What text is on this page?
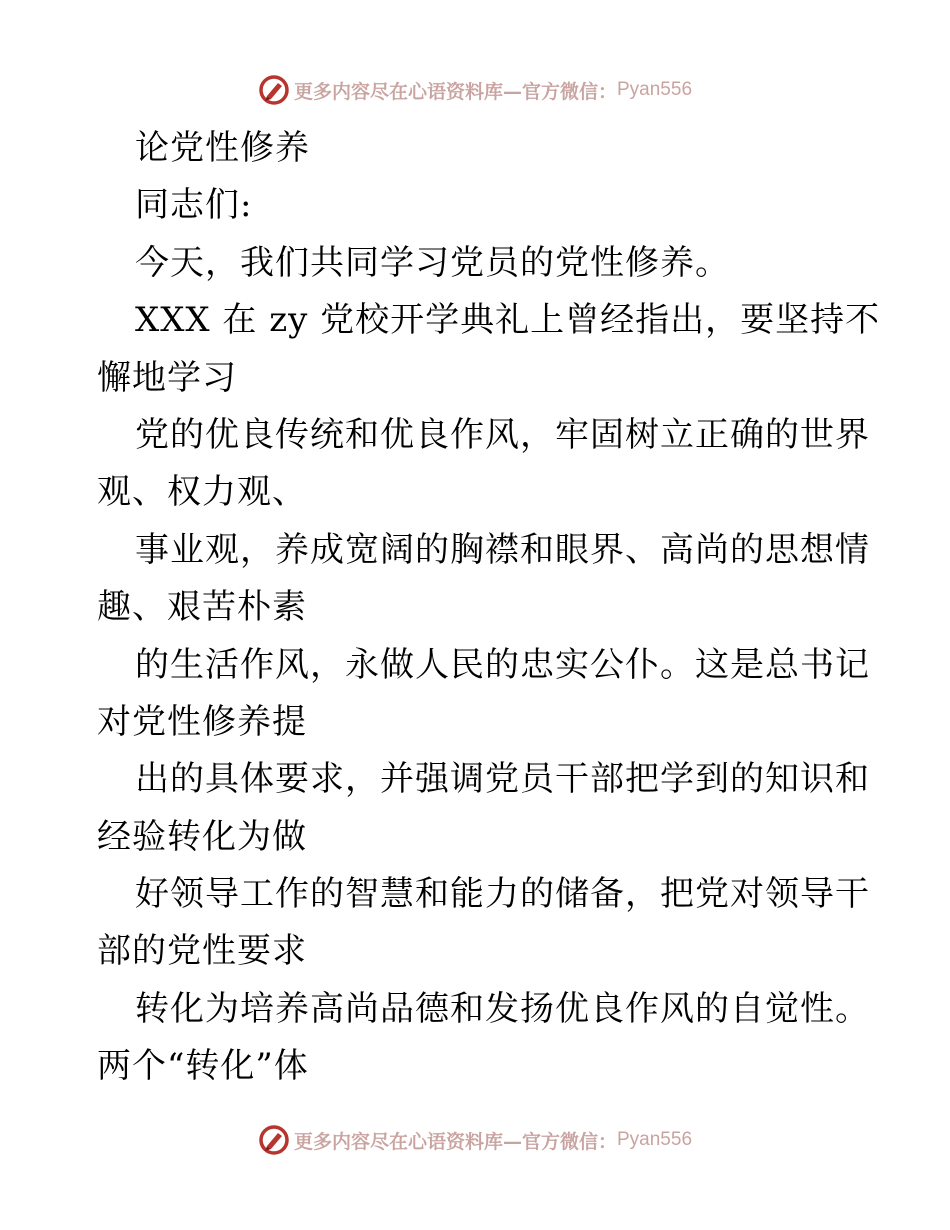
更多内容尽在心语资料库—官方微信： Pyan556
论党性修养
同志们:
今天，我们共同学习党员的党性修养。
XXX 在 zy 党校开学典礼上曾经指出，要坚持不
懈地学习
党的优良传统和优良作风，牢固树立正确的世界
观、权力观、
事业观，养成宽阔的胸襟和眼界、高尚的思想情
趣、艰苦朴素
的生活作风，永做人民的忠实公仆。这是总书记
对党性修养提
出的具体要求，并强调党员干部把学到的知识和
经验转化为做
好领导工作的智慧和能力的储备，把党对领导干
部的党性要求
转化为培养高尚品德和发扬优良作风的自觉性。
两个“转化”体
更多内容尽在心语资料库—官方微信： Pyan556
